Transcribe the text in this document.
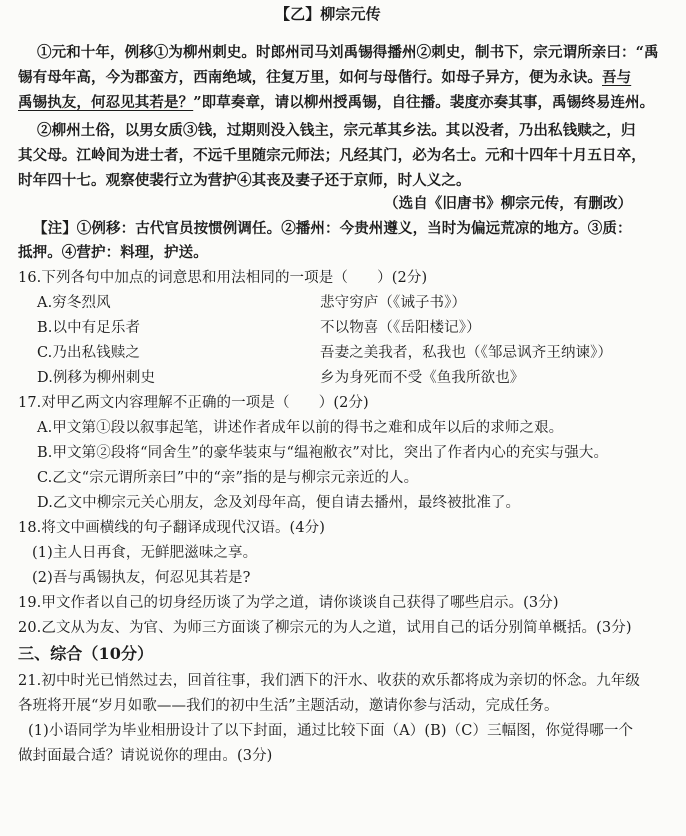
【乙】柳宗元传
①元和十年，例移①为柳州刺史。时郎州司马刘禹锡得播州②刺史，制书下，宗元谓所亲曰：“禹
锡有母年高，今为郡蛮方，西南绝域，往复万里，如何与母偕行。如母子异方，便为永诀。吾与
禹锡执友，何忍见其若是？”即草奏章，请以柳州授禹锡，自往播。裴度亦奏其事，禹锡终易连州。
②柳州土俗，以男女质③钱，过期则没入钱主，宗元革其乡法。其以没者，乃出私钱赎之，归
其父母。江岭间为进士者，不远千里随宗元师法；凡经其门，必为名士。元和十四年十月五日卒，
时年四十七。观察使裴行立为营护④其丧及妻子还于京师，时人义之。
（选自《旧唐书》柳宗元传，有删改）
【注】①例移：古代官员按惯例调任。②播州：今贵州遵义，当时为偏远荒凉的地方。③质：
抵押。④营护：料理，护送。
16.下列各句中加点的词意思和用法相同的一项是（　　）(2分)
A.穷冬烈风	悲守穷庐（《诫子书》）
B.以中有足乐者	不以物喜（《岳阳楼记》）
C.乃出私钱赎之	吾妻之美我者，私我也（《邹忌讽齐王纳谏》）
D.例移为柳州刺史	乡为身死而不受《鱼我所欲也》
17.对甲乙两文内容理解不正确的一项是（　　）(2分)
A.甲文第①段以叙事起笔，讲述作者成年以前的得书之难和成年以后的求师之艰。
B.甲文第②段将“同舍生”的豪华装束与“缊袍敝衣”对比，突出了作者内心的充实与强大。
C.乙文“宗元谓所亲曰”中的“亲”指的是与柳宗元亲近的人。
D.乙文中柳宗元关心朋友，念及刘母年高，便自请去播州，最终被批准了。
18.将文中画横线的句子翻译成现代汉语。(4分)
(1)主人日再食，无鲜肥滋味之享。
(2)吾与禹锡执友，何忍见其若是?
19.甲文作者以自己的切身经历谈了为学之道，请你谈谈自己获得了哪些启示。(3分)
20.乙文从为友、为官、为师三方面谈了柳宗元的为人之道，试用自己的话分别简单概括。(3分)
三、综合（10分）
21.初中时光已悄然过去，回首往事，我们洒下的汗水、收获的欢乐都将成为亲切的怀念。九年级
各班将开展“岁月如歌——我们的初中生活”主题活动，邀请你参与活动，完成任务。
(1)小语同学为毕业相册设计了以下封面，通过比较下面（A）(B)（C）三幅图，你觉得哪一个
做封面最合适？请说说你的理由。(3分)
